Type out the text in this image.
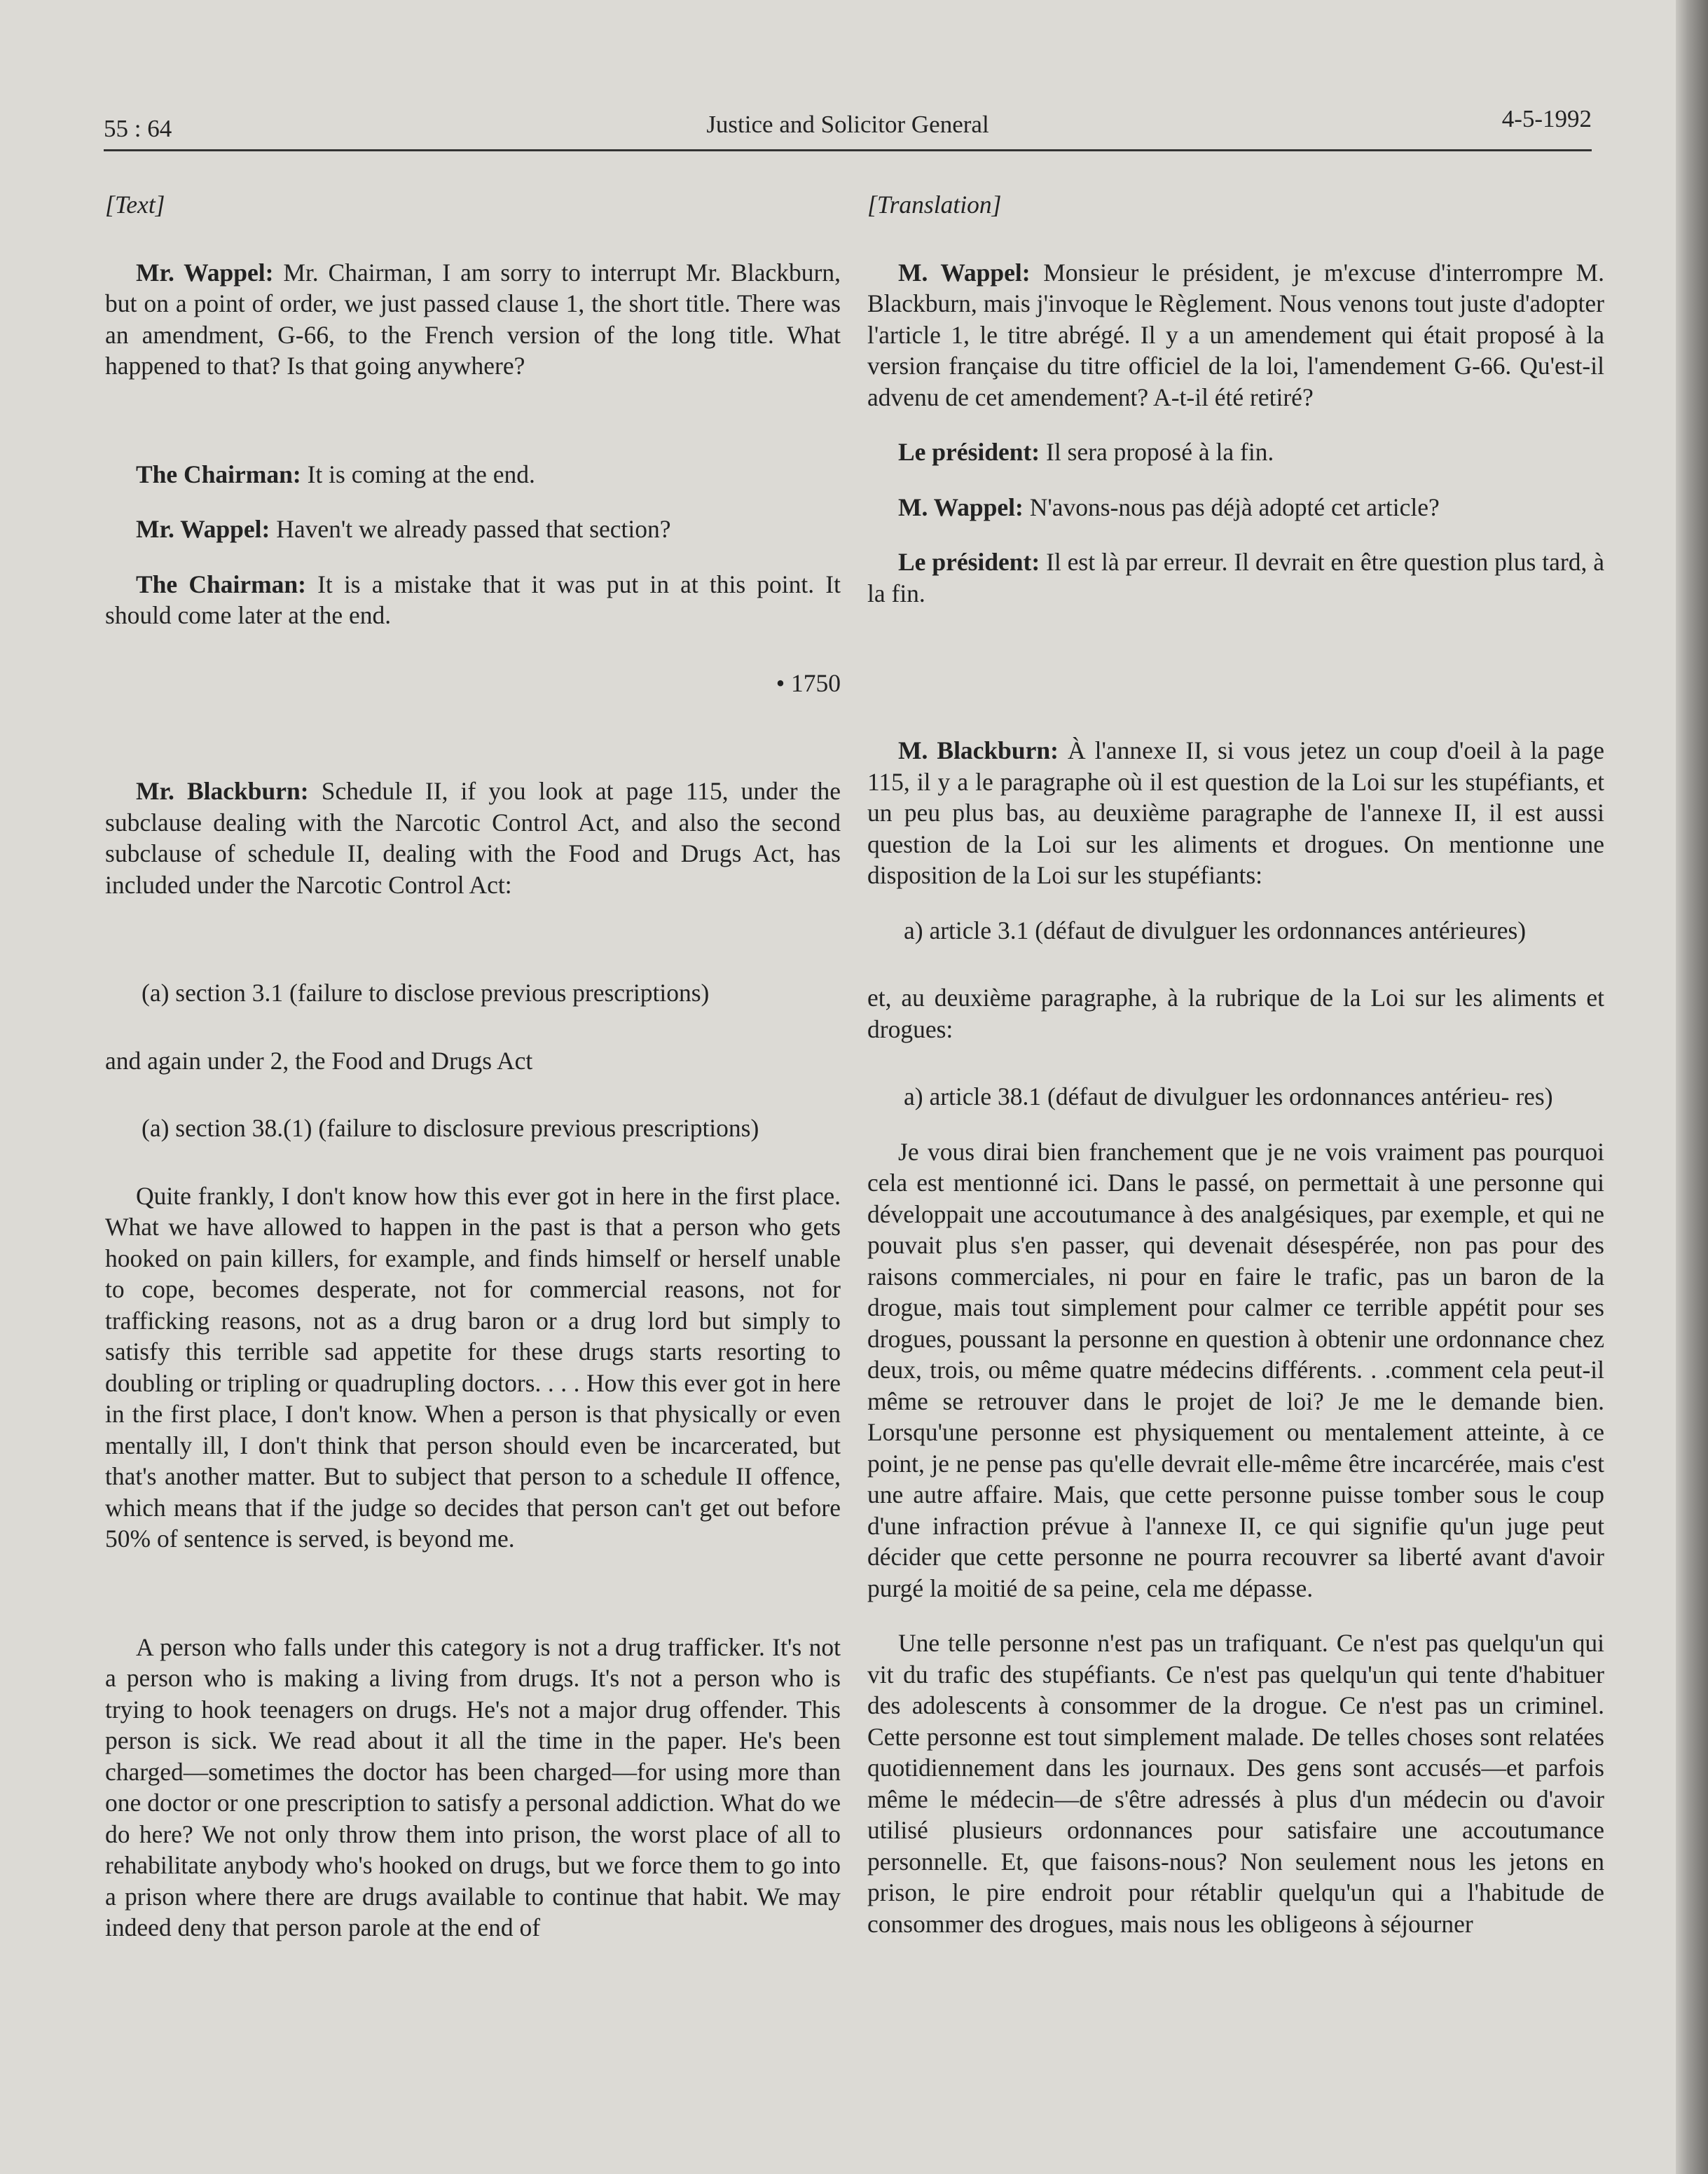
55 : 64	Justice and Solicitor General	4-5-1992

[Text]

Mr. Wappel: Mr. Chairman, I am sorry to interrupt Mr. Blackburn, but on a point of order, we just passed clause 1, the short title. There was an amendment, G-66, to the French version of the long title. What happened to that? Is that going anywhere?

The Chairman: It is coming at the end.

Mr. Wappel: Haven't we already passed that section?

The Chairman: It is a mistake that it was put in at this point. It should come later at the end.

• 1750

Mr. Blackburn: Schedule II, if you look at page 115, under the subclause dealing with the Narcotic Control Act, and also the second subclause of schedule II, dealing with the Food and Drugs Act, has included under the Narcotic Control Act:

(a) section 3.1 (failure to disclose previous prescriptions)

and again under 2, the Food and Drugs Act

(a) section 38.(1) (failure to disclosure previous prescriptions)

Quite frankly, I don't know how this ever got in here in the first place. What we have allowed to happen in the past is that a person who gets hooked on pain killers, for example, and finds himself or herself unable to cope, becomes desperate, not for commercial reasons, not for trafficking reasons, not as a drug baron or a drug lord but simply to satisfy this terrible sad appetite for these drugs starts resorting to doubling or tripling or quadrupling doctors. . . . How this ever got in here in the first place, I don't know. When a person is that physically or even mentally ill, I don't think that person should even be incarcerated, but that's another matter. But to subject that person to a schedule II offence, which means that if the judge so decides that person can't get out before 50% of sentence is served, is beyond me.

A person who falls under this category is not a drug trafficker. It's not a person who is making a living from drugs. It's not a person who is trying to hook teenagers on drugs. He's not a major drug offender. This person is sick. We read about it all the time in the paper. He's been charged—sometimes the doctor has been charged—for using more than one doctor or one prescription to satisfy a personal addiction. What do we do here? We not only throw them into prison, the worst place of all to rehabilitate anybody who's hooked on drugs, but we force them to go into a prison where there are drugs available to continue that habit. We may indeed deny that person parole at the end of

[Translation]

M. Wappel: Monsieur le président, je m'excuse d'interrompre M. Blackburn, mais j'invoque le Règlement. Nous venons tout juste d'adopter l'article 1, le titre abrégé. Il y a un amendement qui était proposé à la version française du titre officiel de la loi, l'amendement G-66. Qu'est-il advenu de cet amendement? A-t-il été retiré?

Le président: Il sera proposé à la fin.

M. Wappel: N'avons-nous pas déjà adopté cet article?

Le président: Il est là par erreur. Il devrait en être question plus tard, à la fin.

M. Blackburn: À l'annexe II, si vous jetez un coup d'oeil à la page 115, il y a le paragraphe où il est question de la Loi sur les stupéfiants, et un peu plus bas, au deuxième paragraphe de l'annexe II, il est aussi question de la Loi sur les aliments et drogues. On mentionne une disposition de la Loi sur les stupéfiants:

a) article 3.1 (défaut de divulguer les ordonnances antérieures)

et, au deuxième paragraphe, à la rubrique de la Loi sur les aliments et drogues:

a) article 38.1 (défaut de divulguer les ordonnances antérieu- res)

Je vous dirai bien franchement que je ne vois vraiment pas pourquoi cela est mentionné ici. Dans le passé, on permettait à une personne qui développait une accoutumance à des analgésiques, par exemple, et qui ne pouvait plus s'en passer, qui devenait désespérée, non pas pour des raisons commerciales, ni pour en faire le trafic, pas un baron de la drogue, mais tout simplement pour calmer ce terrible appétit pour ses drogues, poussant la personne en question à obtenir une ordonnance chez deux, trois, ou même quatre médecins différents. . .comment cela peut-il même se retrouver dans le projet de loi? Je me le demande bien. Lorsqu'une personne est physiquement ou mentalement atteinte, à ce point, je ne pense pas qu'elle devrait elle-même être incarcérée, mais c'est une autre affaire. Mais, que cette personne puisse tomber sous le coup d'une infraction prévue à l'annexe II, ce qui signifie qu'un juge peut décider que cette personne ne pourra recouvrer sa liberté avant d'avoir purgé la moitié de sa peine, cela me dépasse.

Une telle personne n'est pas un trafiquant. Ce n'est pas quelqu'un qui vit du trafic des stupéfiants. Ce n'est pas quelqu'un qui tente d'habituer des adolescents à consommer de la drogue. Ce n'est pas un criminel. Cette personne est tout simplement malade. De telles choses sont relatées quotidiennement dans les journaux. Des gens sont accusés—et parfois même le médecin—de s'être adressés à plus d'un médecin ou d'avoir utilisé plusieurs ordonnances pour satisfaire une accoutumance personnelle. Et, que faisons-nous? Non seulement nous les jetons en prison, le pire endroit pour rétablir quelqu'un qui a l'habitude de consommer des drogues, mais nous les obligeons à séjourner
